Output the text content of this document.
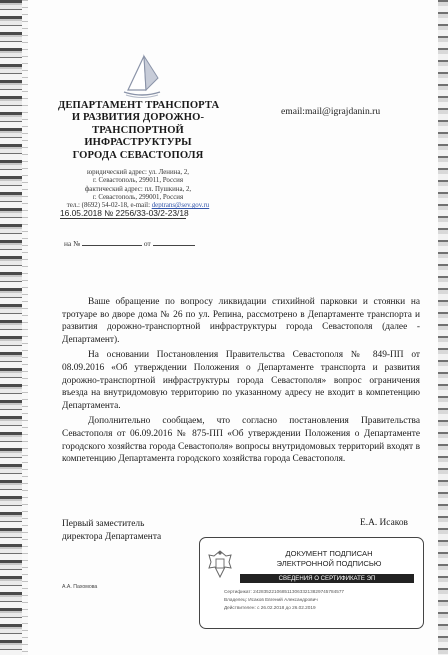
ДЕПАРТАМЕНТ ТРАНСПОРТА
И РАЗВИТИЯ ДОРОЖНО-
ТРАНСПОРТНОЙ
ИНФРАСТРУКТУРЫ
ГОРОДА СЕВАСТОПОЛЯ
юридический адрес: ул. Ленина, 2,
г. Севастополь, 299011, Россия
фактический адрес: пл. Пушкина, 2,
г. Севастополь, 299001, Россия
тел.: (8692) 54-02-18, e-mail: deptrans@sev.gov.ru
16.05.2018 № 2256/33-03/2-23/18
на №	от
email:mail@igrajdanin.ru

Ваше обращение по вопросу ликвидации стихийной парковки и стоянки на тротуаре во дворе дома № 26 по ул. Репина, рассмотрено в Департаменте транспорта и развития дорожно-транспортной инфраструктуры города Севастополя (далее - Департамент).

На основании Постановления Правительства Севастополя № 849-ПП от 08.09.2016 «Об утверждении Положения о Департаменте транспорта и развития дорожно-транспортной инфраструктуры города Севастополя» вопрос ограничения въезда на внутридомовую территорию по указанному адресу не входит в компетенцию Департамента.

Дополнительно сообщаем, что согласно постановления Правительства Севастополя от 06.09.2016 № 875-ПП «Об утверждении Положения о Департаменте городского хозяйства города Севастополя» вопросы внутридомовых территорий входят в компетенцию Департамента городского хозяйства города Севастополя.

Первый заместитель
директора Департамента
Е.А. Исаков
А.А. Пахомова
ДОКУМЕНТ ПОДПИСАН
ЭЛЕКТРОННОЙ ПОДПИСЬЮ
СВЕДЕНИЯ О СЕРТИФИКАТЕ ЭП
Сертификат: 24283522106851130633213829745784577
Владелец: Исаков Евгений Александрович
Действителен: с 26.02.2018 до 26.02.2019
